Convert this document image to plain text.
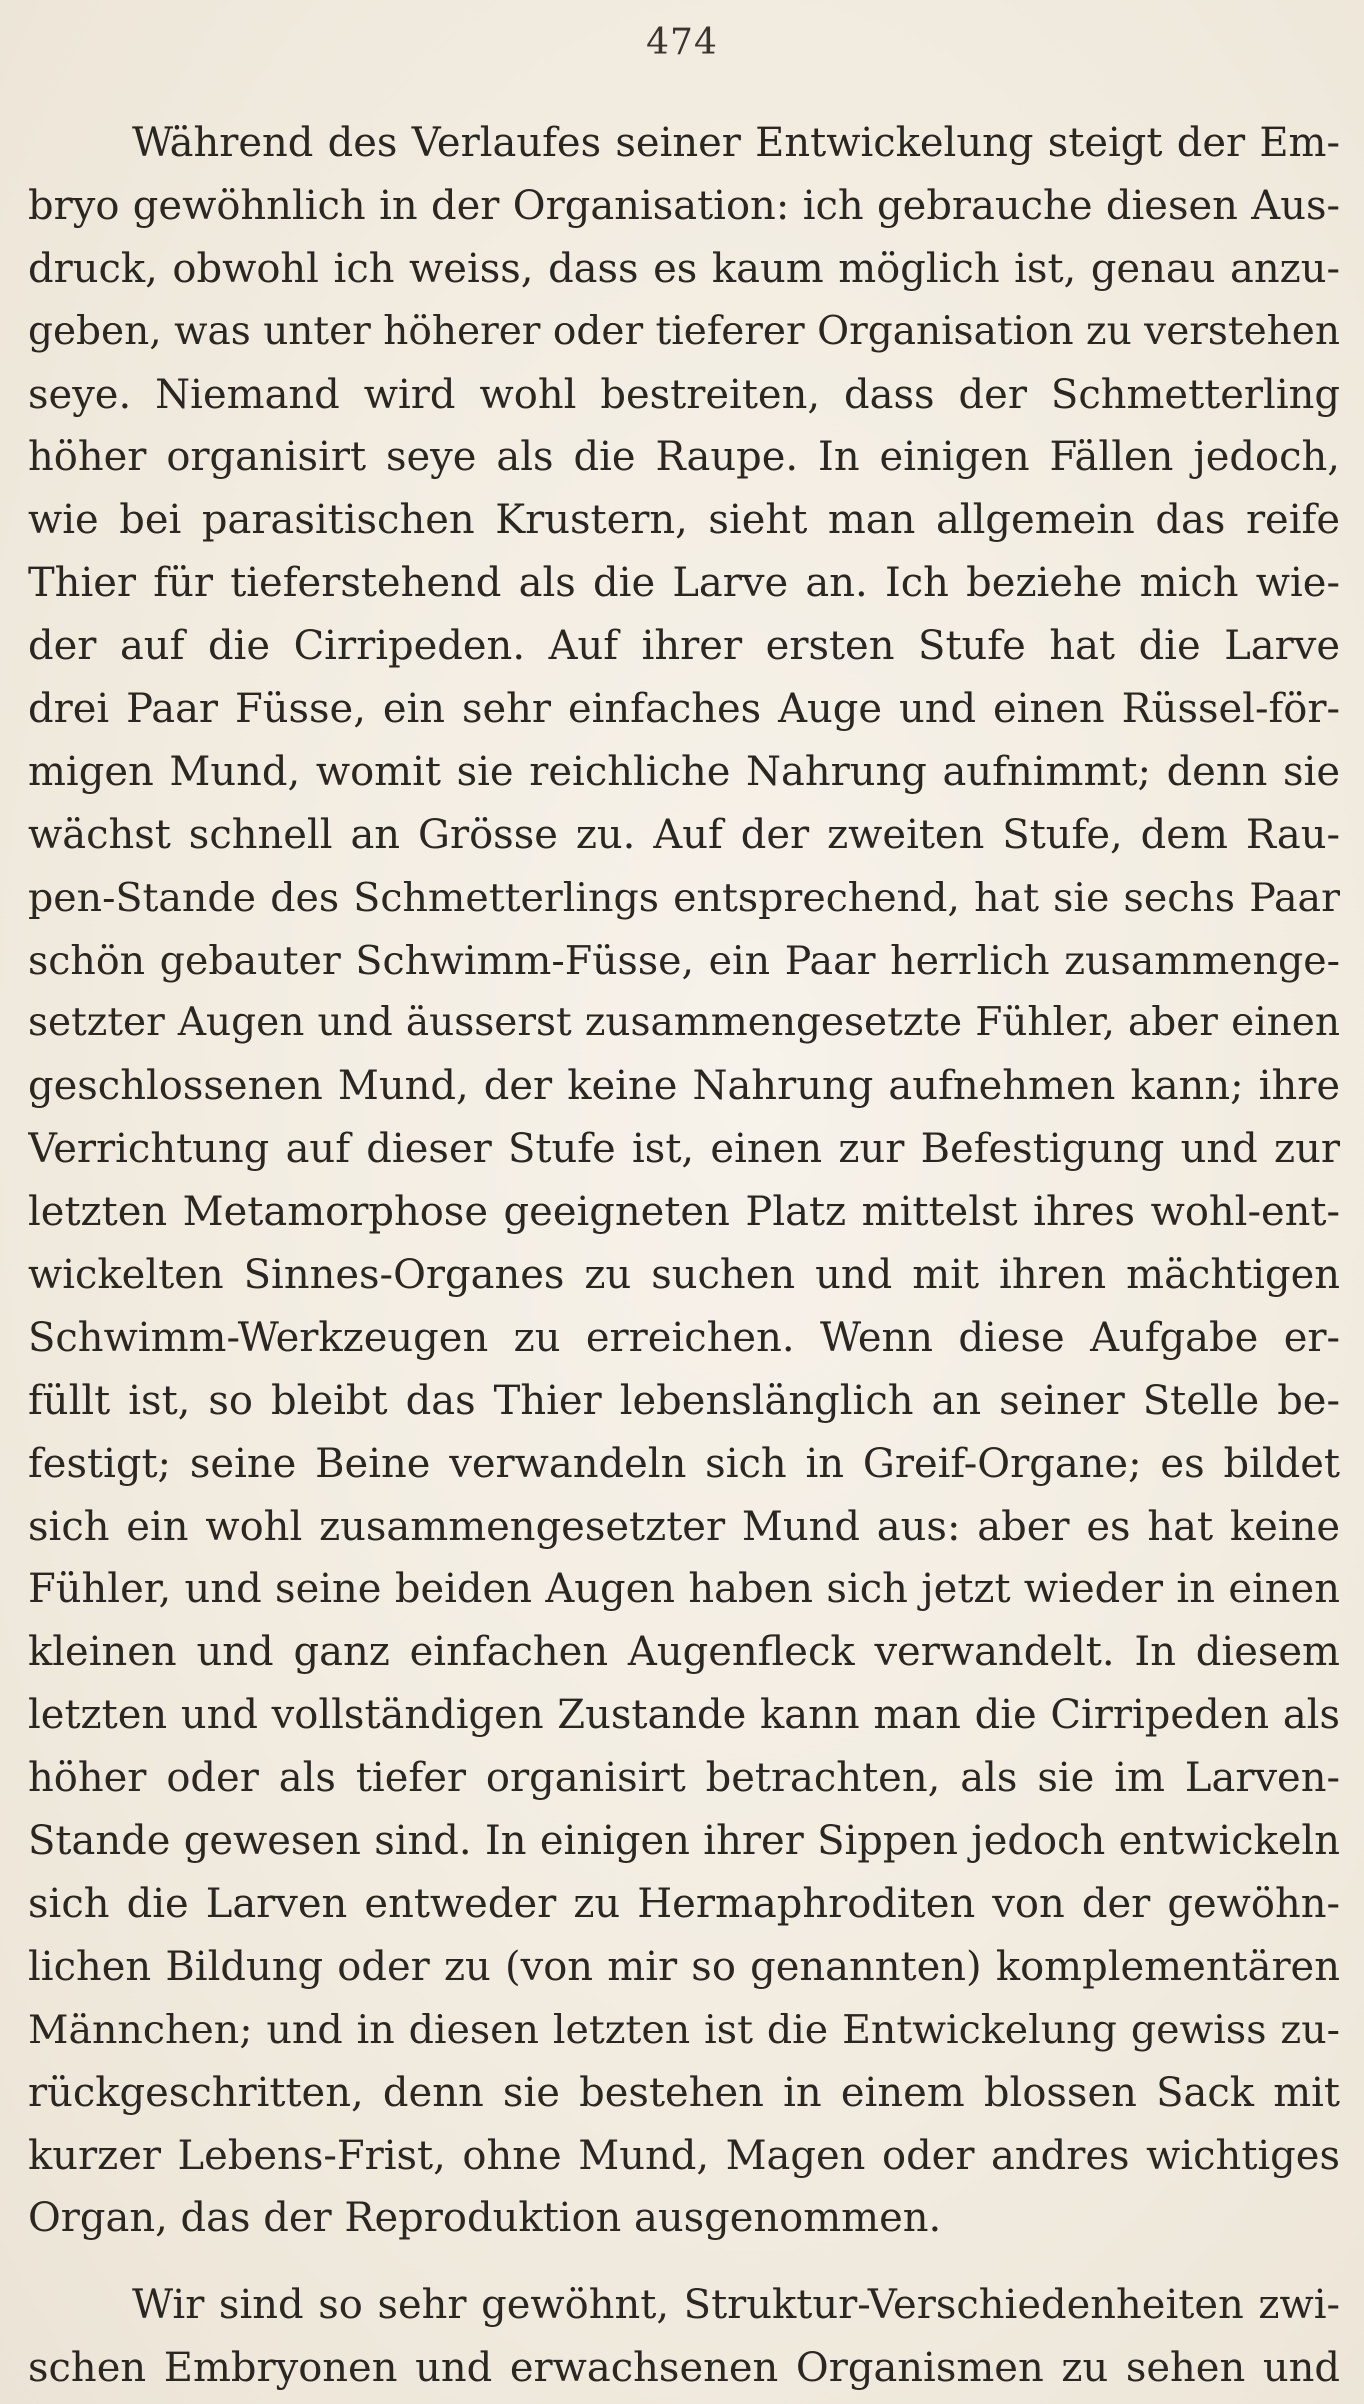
474
Während des Verlaufes seiner Entwickelung steigt der Em-
bryo gewöhnlich in der Organisation: ich gebrauche diesen Aus-
druck, obwohl ich weiss, dass es kaum möglich ist, genau anzu-
geben, was unter höherer oder tieferer Organisation zu verstehen
seye. Niemand wird wohl bestreiten, dass der Schmetterling
höher organisirt seye als die Raupe. In einigen Fällen jedoch,
wie bei parasitischen Krustern, sieht man allgemein das reife
Thier für tieferstehend als die Larve an. Ich beziehe mich wie-
der auf die Cirripeden. Auf ihrer ersten Stufe hat die Larve
drei Paar Füsse, ein sehr einfaches Auge und einen Rüssel-för-
migen Mund, womit sie reichliche Nahrung aufnimmt; denn sie
wächst schnell an Grösse zu. Auf der zweiten Stufe, dem Rau-
pen-Stande des Schmetterlings entsprechend, hat sie sechs Paar
schön gebauter Schwimm-Füsse, ein Paar herrlich zusammenge-
setzter Augen und äusserst zusammengesetzte Fühler, aber einen
geschlossenen Mund, der keine Nahrung aufnehmen kann; ihre
Verrichtung auf dieser Stufe ist, einen zur Befestigung und zur
letzten Metamorphose geeigneten Platz mittelst ihres wohl-ent-
wickelten Sinnes-Organes zu suchen und mit ihren mächtigen
Schwimm-Werkzeugen zu erreichen. Wenn diese Aufgabe er-
füllt ist, so bleibt das Thier lebenslänglich an seiner Stelle be-
festigt; seine Beine verwandeln sich in Greif-Organe; es bildet
sich ein wohl zusammengesetzter Mund aus: aber es hat keine
Fühler, und seine beiden Augen haben sich jetzt wieder in einen
kleinen und ganz einfachen Augenfleck verwandelt. In diesem
letzten und vollständigen Zustande kann man die Cirripeden als
höher oder als tiefer organisirt betrachten, als sie im Larven-
Stande gewesen sind. In einigen ihrer Sippen jedoch entwickeln
sich die Larven entweder zu Hermaphroditen von der gewöhn-
lichen Bildung oder zu (von mir so genannten) komplementären
Männchen; und in diesen letzten ist die Entwickelung gewiss zu-
rückgeschritten, denn sie bestehen in einem blossen Sack mit
kurzer Lebens-Frist, ohne Mund, Magen oder andres wichtiges
Organ, das der Reproduktion ausgenommen.
Wir sind so sehr gewöhnt, Struktur-Verschiedenheiten zwi-
schen Embryonen und erwachsenen Organismen zu sehen und
